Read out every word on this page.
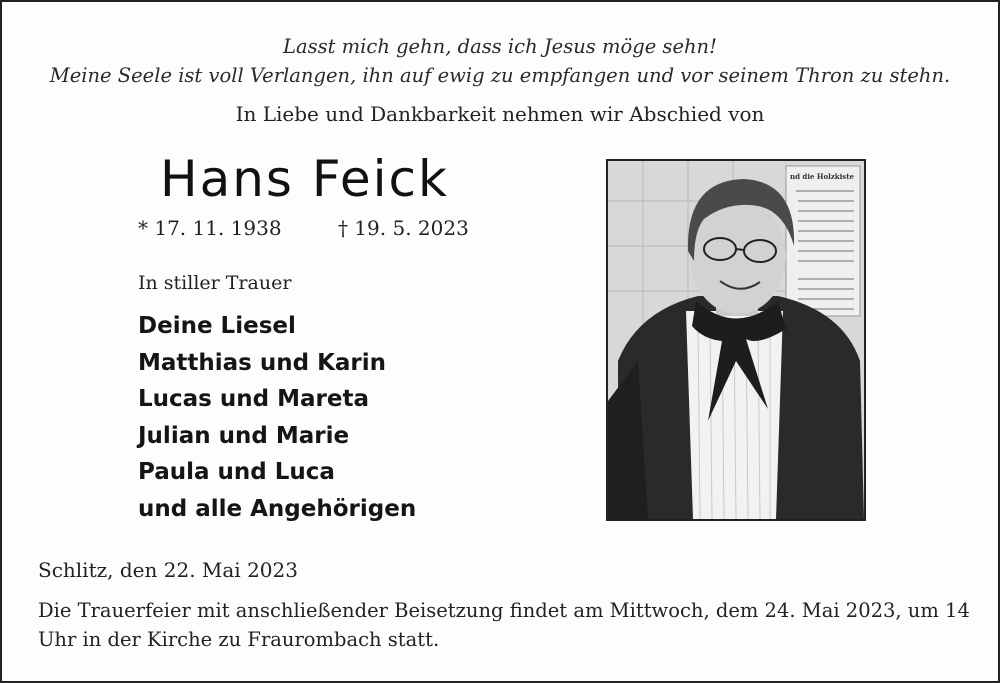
Lasst mich gehn, dass ich Jesus möge sehn!
Meine Seele ist voll Verlangen, ihn auf ewig zu empfangen und vor seinem Thron zu stehn.
In Liebe und Dankbarkeit nehmen wir Abschied von
Hans Feick
* 17. 11. 1938	† 19. 5. 2023
In stiller Trauer
Deine Liesel
Matthias und Karin
Lucas und Mareta
Julian und Marie
Paula und Luca
und alle Angehörigen
nd die Holzkiste
Schlitz, den 22. Mai 2023
Die Trauerfeier mit anschließender Beisetzung findet am Mittwoch, dem 24. Mai 2023, um 14 Uhr in der Kirche zu Fraurombach statt.
